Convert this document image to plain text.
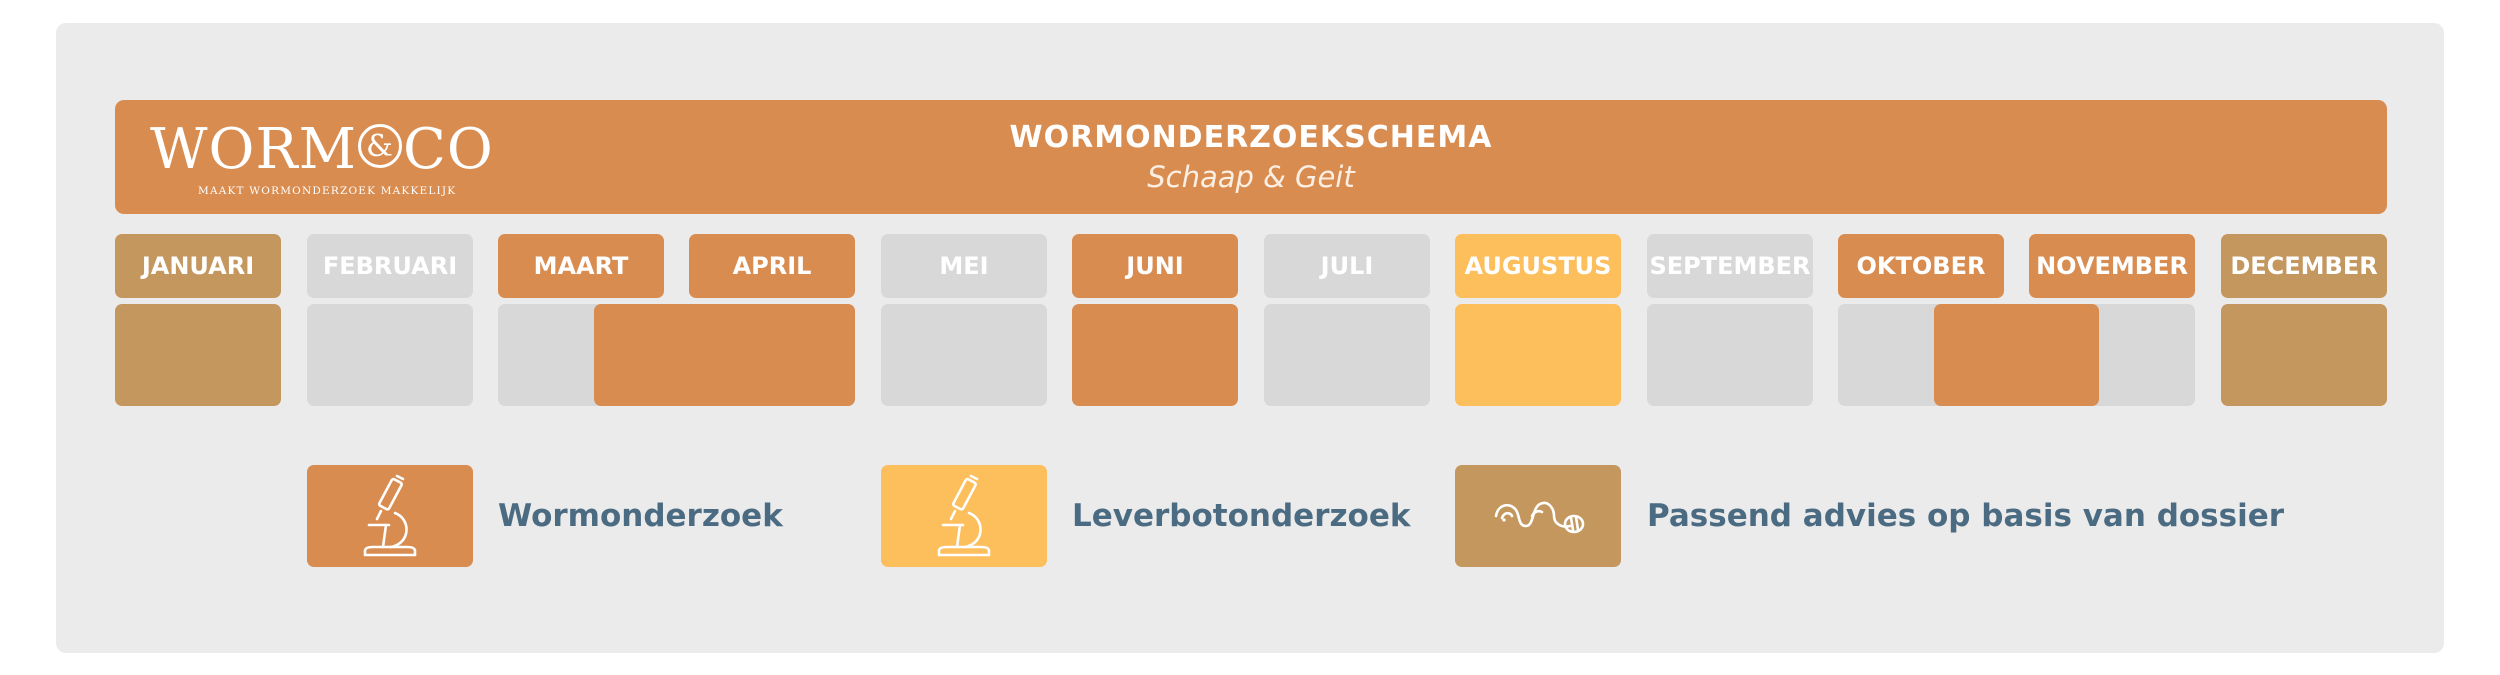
WORM & CO
MAAKT WORMONDERZOEK MAKKELIJK
WORMONDERZOEKSCHEMA
Schaap & Geit
JANUARI	FEBRUARI	MAART	APRIL	MEI	JUNI	JULI	AUGUSTUS	SEPTEMBER	OKTOBER	NOVEMBER	DECEMBER
Wormonderzoek	Leverbotonderzoek	Passend advies op basis van dossier
